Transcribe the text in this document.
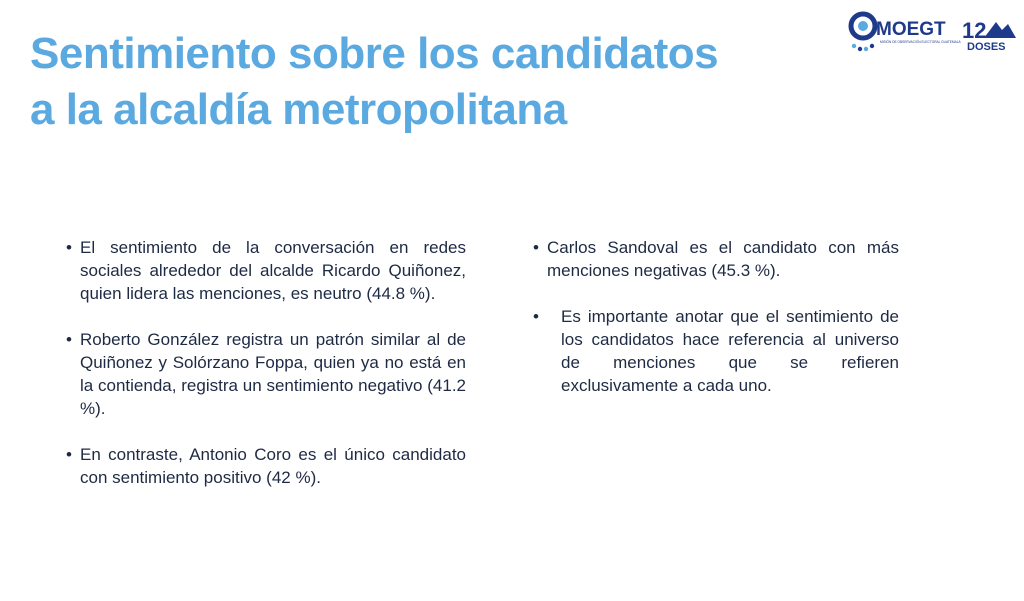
Sentimiento sobre los candidatos
a la alcaldía metropolitana
MOEGT
MISIÓN DE OBSERVACIÓN ELECTORAL GUATEMALA 12
DOSES
• El sentimiento de la conversación en redes sociales alrededor del alcalde Ricardo Quiñonez, quien lidera las menciones, es neutro (44.8 %).
• Roberto González registra un patrón similar al de Quiñonez y Solórzano Foppa, quien ya no está en la contienda, registra un sentimiento negativo (41.2 %).
• En contraste, Antonio Coro es el único candidato con sentimiento positivo (42 %).
• Carlos Sandoval es el candidato con más menciones negativas (45.3 %).
•	Es importante anotar que el sentimiento de los candidatos hace referencia al universo de menciones que se refieren exclusivamente a cada uno.
